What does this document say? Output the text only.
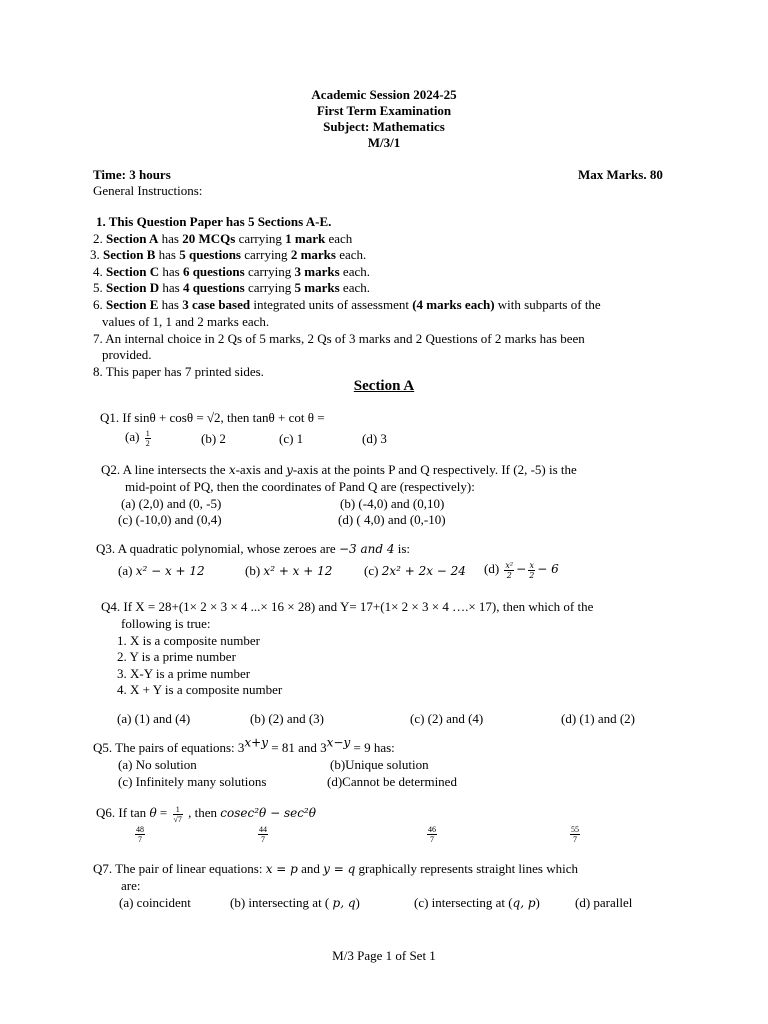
Academic Session 2024-25
First Term Examination
Subject: Mathematics
M/3/1
Time: 3 hours	Max Marks. 80
General Instructions:
1. This Question Paper has 5 Sections A-E.
2. Section A has 20 MCQs carrying 1 mark each
3. Section B has 5 questions carrying 2 marks each.
4. Section C has 6 questions carrying 3 marks each.
5. Section D has 4 questions carrying 5 marks each.
6. Section E has 3 case based integrated units of assessment (4 marks each) with subparts of the
values of 1, 1 and 2 marks each.
7. An internal choice in 2 Qs of 5 marks, 2 Qs of 3 marks and 2 Questions of 2 marks has been
provided.
8. This paper has 7 printed sides.
Section A
Q1. If sinθ + cosθ = √2, then tanθ + cot θ =
$(a) \frac{1}{2}$	(b) 2	(c) 1	(d) 3
Q2. A line intersects the x-axis and y-axis at the points P and Q respectively. If (2, -5) is the
mid-point of PQ, then the coordinates of Pand Q are (respectively):
(a) (2,0) and (0, -5)	(b) (-4,0) and (0,10)
(c) (-10,0) and (0,4)	(d) ( 4,0) and (0,-10)
Q3. A quadratic polynomial, whose zeroes are −3 and 4 is:
(a) x² − x + 12	(b) x² + x + 12 (c) 2x² + 2x − 24 $(d) \frac{\text{x²}}{2} - \frac{x}{2} - 6$
Q4. If X = 28+(1× 2 × 3 × 4 ...× 16 × 28) and Y= 17+(1× 2 × 3 × 4 ….× 17), then which of the
following is true:
1. X is a composite number
2. Y is a prime number
3. X-Y is a prime number
4. X + Y is a composite number
(a) (1) and (4)	(b) (2) and (3)	(c) (2) and (4)	(d) (1) and (2)
Q5. The pairs of equations: $3^{x+y} = 81$ and $3^{x-y} = 9$ has:
(a) No solution	(b)Unique solution
(c) Infinitely many solutions	(d)Cannot be determined
Q6. If $\tan \theta = \frac{1}{√7}$ , then cosec²θ − sec²θ
$\frac{48}{7}$	$\frac{44}{7}$	$\frac{46}{7}$	$\frac{55}{7}$
Q7. The pair of linear equations: x = p and y = q graphically represents straight lines which
are:
(a) coincident	(b) intersecting at ( p, q)	(c) intersecting at (q, p)	(d) parallel
M/3 Page 1 of Set 1
